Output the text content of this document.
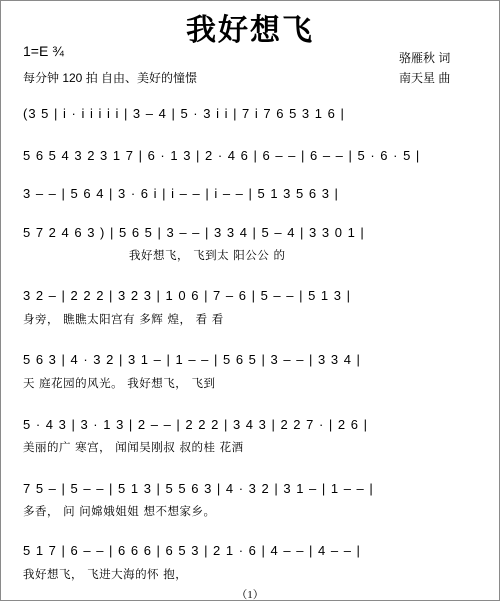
我好想飞
1=E ¾
每分钟 120 拍 自由、美好的憧憬
骆雁秋 词
南天星 曲
(3 5 | i · i i i i i | 3 – 4 | 5 · 3 i i | 7 i 7 6 5 3 1 6 |
5 6 5 4 3 2 3 1 7 | 6 · 1 3 | 2 · 4 6 | 6 – – | 6 – – | 5 · 6 · 5 |
3 – – | 5 6 4 | 3 · 6 i | i – – | i – – | 5 1 3 5 6 3 |
5 7 2 4 6 3 ) | 5 6 5 | 3 – – | 3 3 4 | 5 – 4 | 3 3 0 1 |
我好想飞， 飞到太 阳公公 的
3 2 – | 2 2 2 | 3 2 3 | 1 0 6 | 7 – 6 | 5 – – | 5 1 3 |
身旁， 瞧瞧太阳宫有 多辉 煌， 看 看
5 6 3 | 4 · 3 2 | 3 1 – | 1 – – | 5 6 5 | 3 – – | 3 3 4 |
天 庭花园的风光。 我好想飞， 飞到
5 · 4 3 | 3 · 1 3 | 2 – – | 2 2 2 | 3 4 3 | 2 2 7 · | 2 6 |
美丽的广 寒宫， 闻闻吴刚叔 叔的桂 花酒
7 5 – | 5 – – | 5 1 3 | 5 5 6 3 | 4 · 3 2 | 3 1 – | 1 – – |
多香， 问 问嫦娥姐姐 想不想家乡。
5 1 7 | 6 – – | 6 6 6 | 6 5 3 | 2 1 · 6 | 4 – – | 4 – – |
我好想飞， 飞进大海的怀 抱，
（1）
